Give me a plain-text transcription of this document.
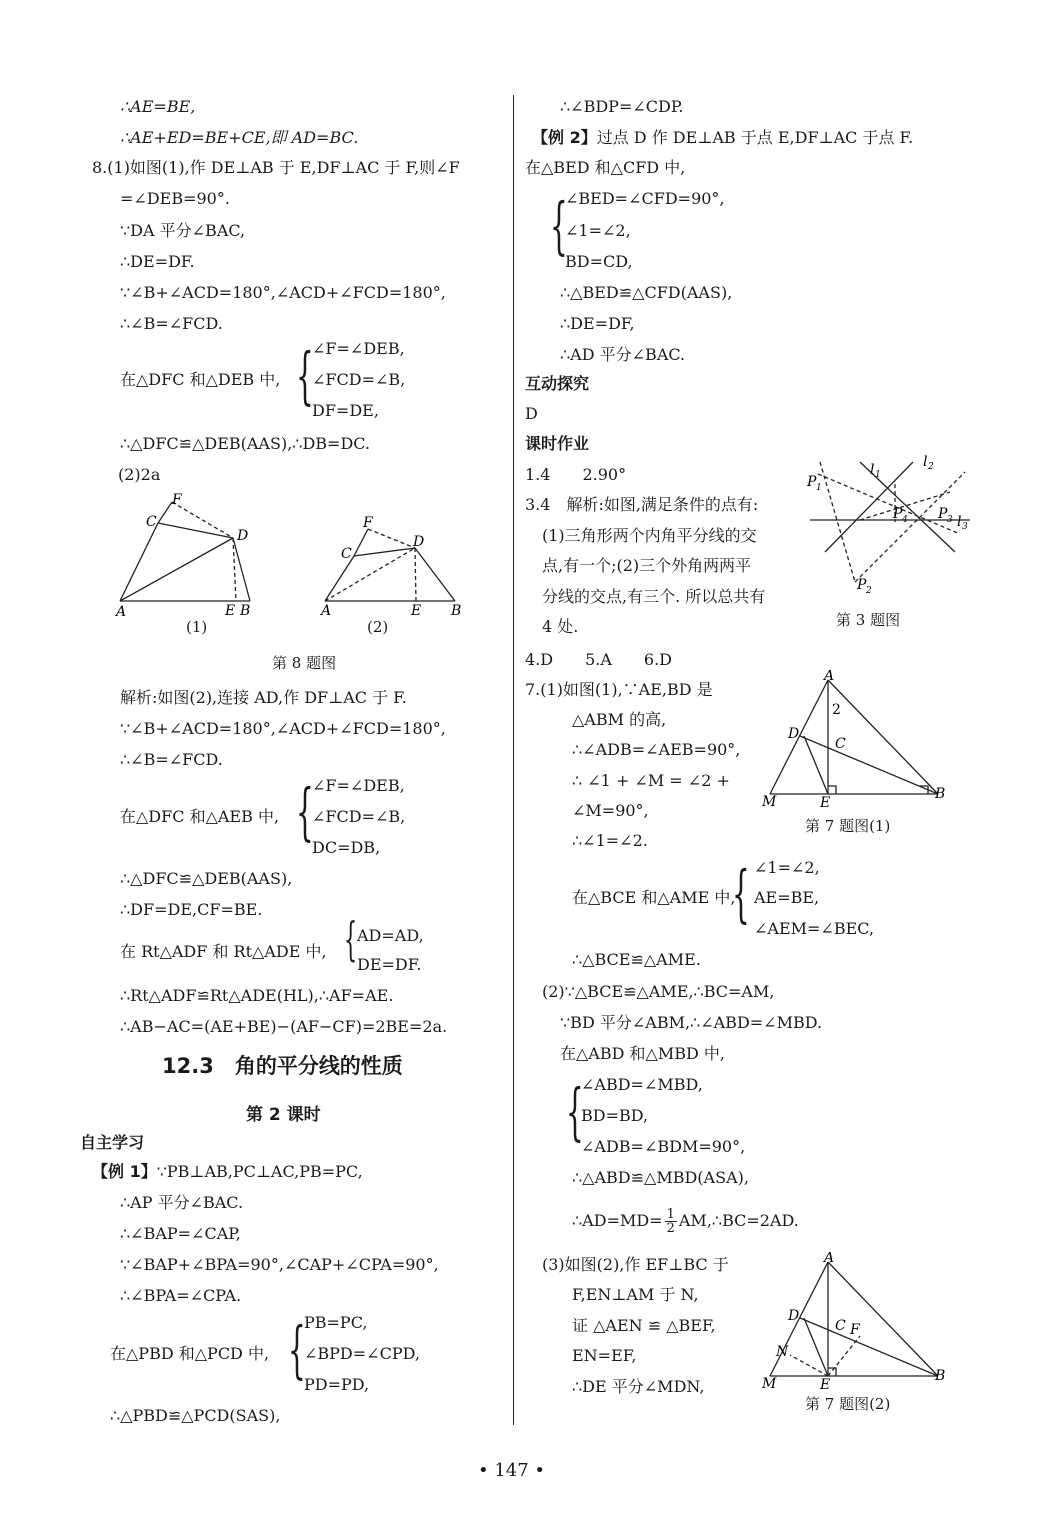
∴AE=BE,
∴AE+ED=BE+CE,即 AD=BC.
8.(1)如图(1),作 DE⊥AB 于 E,DF⊥AC 于 F,则∠F
=∠DEB=90°.
∵DA 平分∠BAC,
∴DE=DF.
∵∠B+∠ACD=180°,∠ACD+∠FCD=180°,
∴∠B=∠FCD.
在△DFC 和△DEB 中, {
∠F=∠DEB,
∠FCD=∠B,
DF=DE,
∴△DFC≌△DEB(AAS),∴DB=DC.
(2)2a
A
C
F
D
E B
(1)
A
C
F
D
E B
(2)
第 8 题图
解析:如图(2),连接 AD,作 DF⊥AC 于 F.
∵∠B+∠ACD=180°,∠ACD+∠FCD=180°,
∴∠B=∠FCD.
在△DFC 和△AEB 中, {
∠F=∠DEB,
∠FCD=∠B,
DC=DB,
∴△DFC≌△DEB(AAS),
∴DF=DE,CF=BE.
在 Rt△ADF 和 Rt△ADE 中, { AD=AD,
DE=DF.
∴Rt△ADF≌Rt△ADE(HL),∴AF=AE.
∴AB−AC=(AE+BE)−(AF−CF)=2BE=2a.
12.3　角的平分线的性质
第 2 课时
自主学习
【例 1】∵PB⊥AB,PC⊥AC,PB=PC,
∴AP 平分∠BAC.
∴∠BAP=∠CAP,
∵∠BAP+∠BPA=90°,∠CAP+∠CPA=90°,
∴∠BPA=∠CPA.
在△PBD 和△PCD 中, {
PB=PC,
∠BPD=∠CPD,
PD=PD,
∴△PBD≌△PCD(SAS),
∴∠BDP=∠CDP.
【例 2】过点 D 作 DE⊥AB 于点 E,DF⊥AC 于点 F.
在△BED 和△CFD 中,
{
∠BED=∠CFD=90°,
∠1=∠2,
BD=CD,
∴△BED≌△CFD(AAS),
∴DE=DF,
∴AD 平分∠BAC.
互动探究
D
课时作业
1.4　　2.90°
3.4　解析:如图,满足条件的点有:
(1)三角形两个内角平分线的交
点,有一个;(2)三个外角两两平
分线的交点,有三个. 所以总共有
4 处.
P 1
l 1
l 2
P 4 P 3 l 3
P 2
第 3 题图
4.D　　5.A　　6.D
7.(1)如图(1),∵AE,BD 是
△ABM 的高,
∴∠ADB=∠AEB=90°,
∴ ∠1 + ∠M = ∠2 +
∠M=90°,
∴∠1=∠2.
A
2
D
C
M	E
B
第 7 题图(1)
在△BCE 和△AME 中,
{ ∠1=∠2,
AE=BE,
∠AEM=∠BEC,
∴△BCE≌△AME.
(2)∵△BCE≌△AME,∴BC=AM,
∵BD 平分∠ABM,∴∠ABD=∠MBD.
在△ABD 和△MBD 中,
{
∠ABD=∠MBD,
BD=BD,
∠ADB=∠BDM=90°,
∴△ABD≌△MBD(ASA),
∴AD=MD= $\frac{1}{2}$ AM,∴BC=2AD.
(3)如图(2),作 EF⊥BC 于
F,EN⊥AM 于 N,
证 △AEN ≌ △BEF,
EN=EF,
∴DE 平分∠MDN,
A
D
C F
N
M	E
B
第 7 题图(2)
• 147 •
